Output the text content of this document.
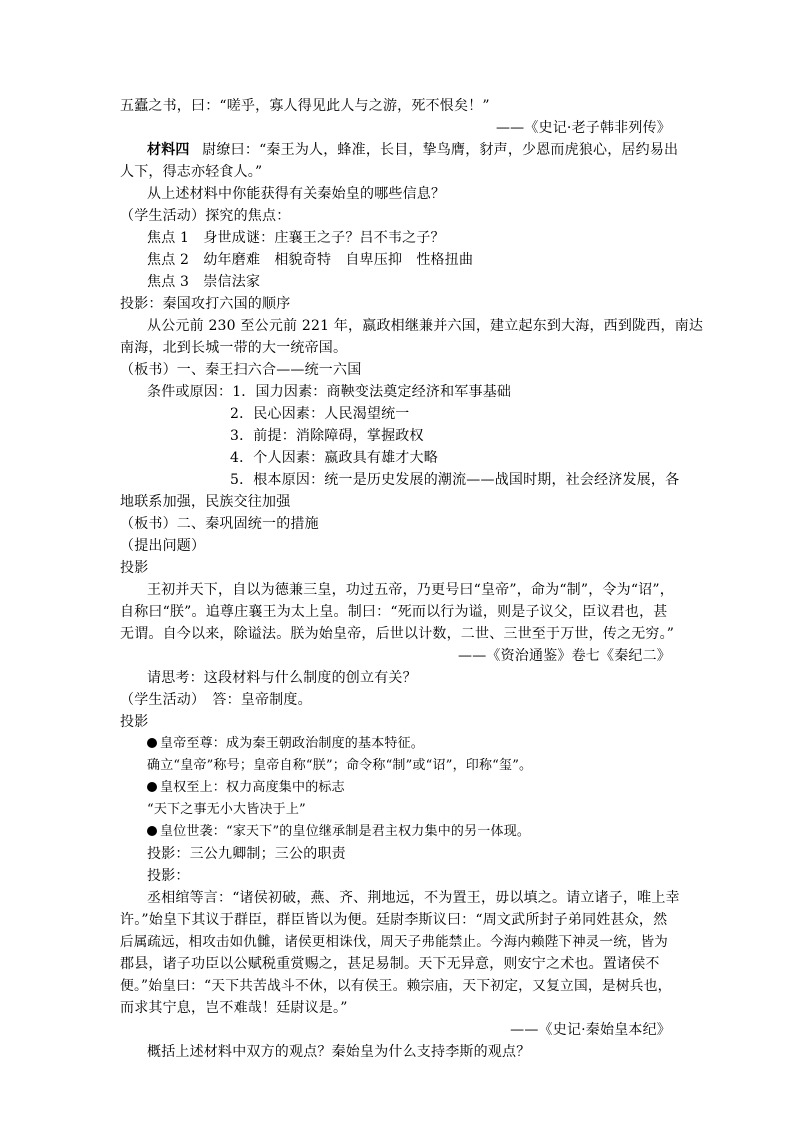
五蠹之书，曰：“嗟乎，寡人得见此人与之游，死不恨矣！”
——《史记·老子韩非列传》
材料四 尉缭曰：“秦王为人，蜂准，长目，挚鸟膺，豺声，少恩而虎狼心，居约易出
人下，得志亦轻食人。”
从上述材料中你能获得有关秦始皇的哪些信息？
（学生活动）探究的焦点：
焦点 1　身世成谜：庄襄王之子？吕不韦之子？
焦点 2　幼年磨难　相貌奇特　自卑压抑　性格扭曲
焦点 3　崇信法家
投影：秦国攻打六国的顺序
从公元前 230 至公元前 221 年，嬴政相继兼并六国，建立起东到大海，西到陇西，南达
南海，北到长城一带的大一统帝国。
（板书）一、秦王扫六合——统一六国
条件或原因：1．国力因素：商鞅变法奠定经济和军事基础
2．民心因素：人民渴望统一
3．前提：消除障碍，掌握政权
4．个人因素：嬴政具有雄才大略
5．根本原因：统一是历史发展的潮流——战国时期，社会经济发展，各
地联系加强，民族交往加强
（板书）二、秦巩固统一的措施
（提出问题）
投影
王初并天下，自以为德兼三皇，功过五帝，乃更号曰“皇帝”，命为“制”，令为“诏”，
自称曰“朕”。追尊庄襄王为太上皇。制曰：“死而以行为谥，则是子议父，臣议君也，甚
无谓。自今以来，除谥法。朕为始皇帝，后世以计数，二世、三世至于万世，传之无穷。”
——《资治通鉴》卷七《秦纪二》
请思考：这段材料与什么制度的创立有关？
（学生活动）　答：皇帝制度。
投影
皇帝至尊：成为秦王朝政治制度的基本特征。
确立“皇帝”称号；皇帝自称“朕”；命令称“制”或“诏”，印称“玺”。
皇权至上：权力高度集中的标志
“天下之事无小大皆决于上”
皇位世袭：“家天下”的皇位继承制是君主权力集中的另一体现。
投影：三公九卿制；三公的职责
投影：
丞相绾等言：“诸侯初破，燕、齐、荆地远，不为置王，毋以填之。请立诸子，唯上幸
许。”始皇下其议于群臣，群臣皆以为便。廷尉李斯议曰：“周文武所封子弟同姓甚众，然
后属疏远，相攻击如仇雠，诸侯更相诛伐，周天子弗能禁止。今海内赖陛下神灵一统，皆为
郡县，诸子功臣以公赋税重赏赐之，甚足易制。天下无异意，则安宁之术也。置诸侯不
便。”始皇曰：“天下共苦战斗不休，以有侯王。赖宗庙，天下初定，又复立国，是树兵也，
而求其宁息，岂不难哉！廷尉议是。”
——《史记·秦始皇本纪》
概括上述材料中双方的观点？秦始皇为什么支持李斯的观点？
